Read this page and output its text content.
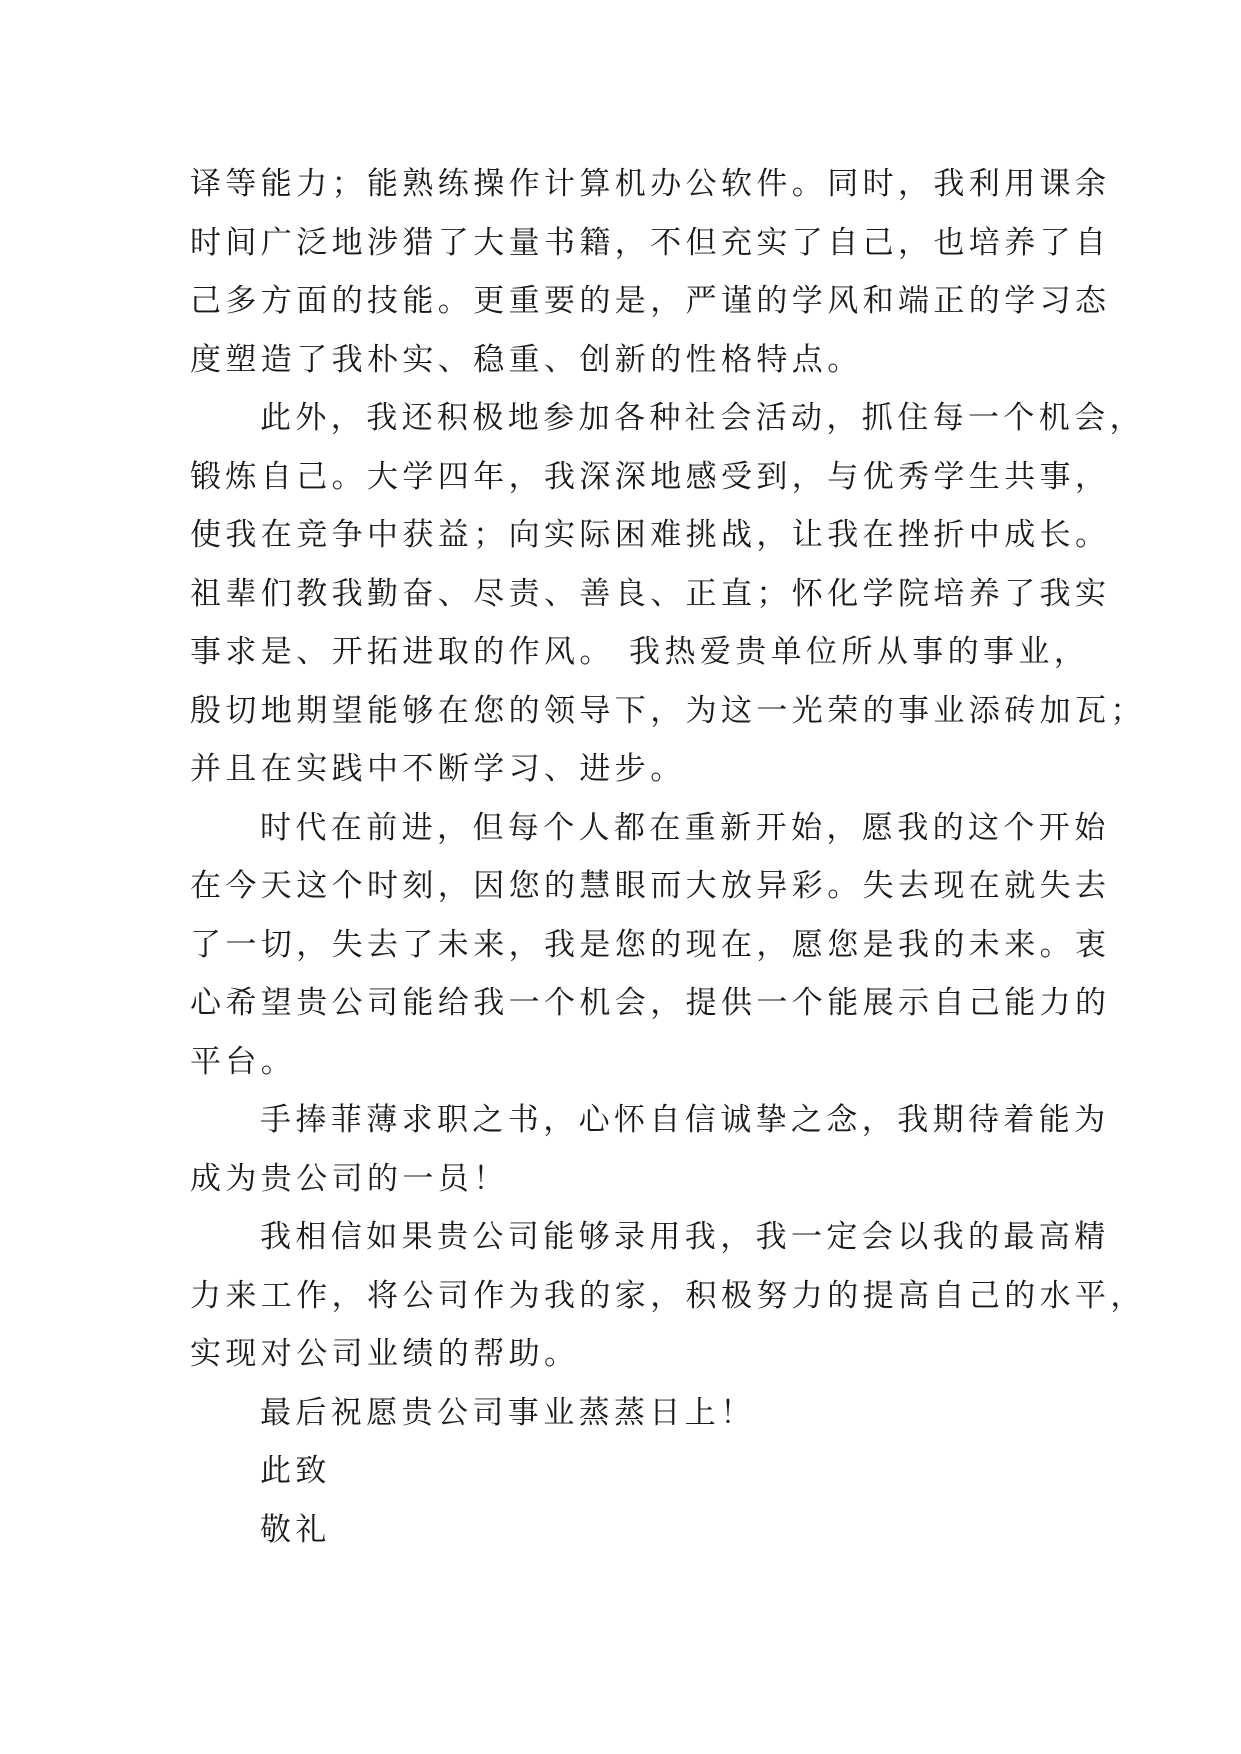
译等能力；能熟练操作计算机办公软件。同时，我利用课余
时间广泛地涉猎了大量书籍，不但充实了自己，也培养了自
己多方面的技能。更重要的是，严谨的学风和端正的学习态
度塑造了我朴实、稳重、创新的性格特点。

此外，我还积极地参加各种社会活动，抓住每一个机会，
锻炼自己。大学四年，我深深地感受到，与优秀学生共事，
使我在竞争中获益；向实际困难挑战，让我在挫折中成长。
祖辈们教我勤奋、尽责、善良、正直；怀化学院培养了我实
事求是、开拓进取的作风。 我热爱贵单位所从事的事业，
殷切地期望能够在您的领导下，为这一光荣的事业添砖加瓦；
并且在实践中不断学习、进步。

时代在前进，但每个人都在重新开始，愿我的这个开始
在今天这个时刻，因您的慧眼而大放异彩。失去现在就失去
了一切，失去了未来，我是您的现在，愿您是我的未来。衷
心希望贵公司能给我一个机会，提供一个能展示自己能力的
平台。

手捧菲薄求职之书，心怀自信诚挚之念，我期待着能为
成为贵公司的一员！

我相信如果贵公司能够录用我，我一定会以我的最高精
力来工作，将公司作为我的家，积极努力的提高自己的水平，
实现对公司业绩的帮助。

最后祝愿贵公司事业蒸蒸日上！

此致

敬礼
